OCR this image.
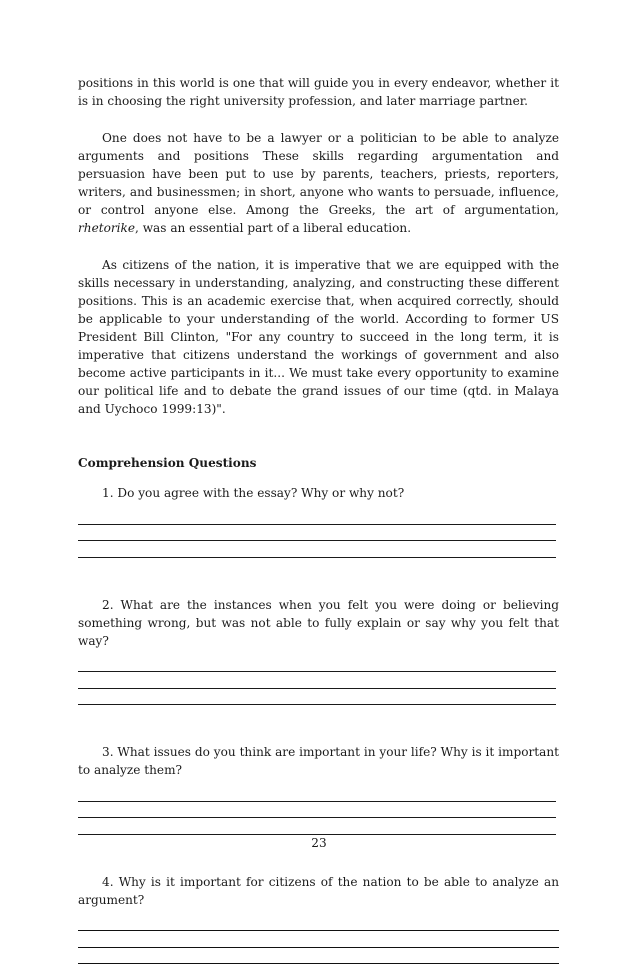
positions in this world is one that will guide you in every endeavor, whether it is in choosing the right university profession, and later marriage partner.

One does not have to be a lawyer or a politician to be able to analyze arguments and positions These skills regarding argumentation and persuasion have been put to use by parents, teachers, priests, reporters, writers, and businessmen; in short, anyone who wants to persuade, influence, or control anyone else. Among the Greeks, the art of argumentation, rhetorike, was an essential part of a liberal education.

As citizens of the nation, it is imperative that we are equipped with the skills necessary in understanding, analyzing, and constructing these different positions. This is an academic exercise that, when acquired correctly, should be applicable to your understanding of the world. According to former US President Bill Clinton, "For any country to succeed in the long term, it is imperative that citizens understand the workings of government and also become active participants in it... We must take every opportunity to examine our political life and to debate the grand issues of our time (qtd. in Malaya and Uychoco 1999:13)".

Comprehension Questions

1. Do you agree with the essay? Why or why not?

2. What are the instances when you felt you were doing or believing something wrong, but was not able to fully explain or say why you felt that way?

3. What issues do you think are important in your life? Why is it important to analyze them?

4. Why is it important for citizens of the nation to be able to analyze an argument?

23
